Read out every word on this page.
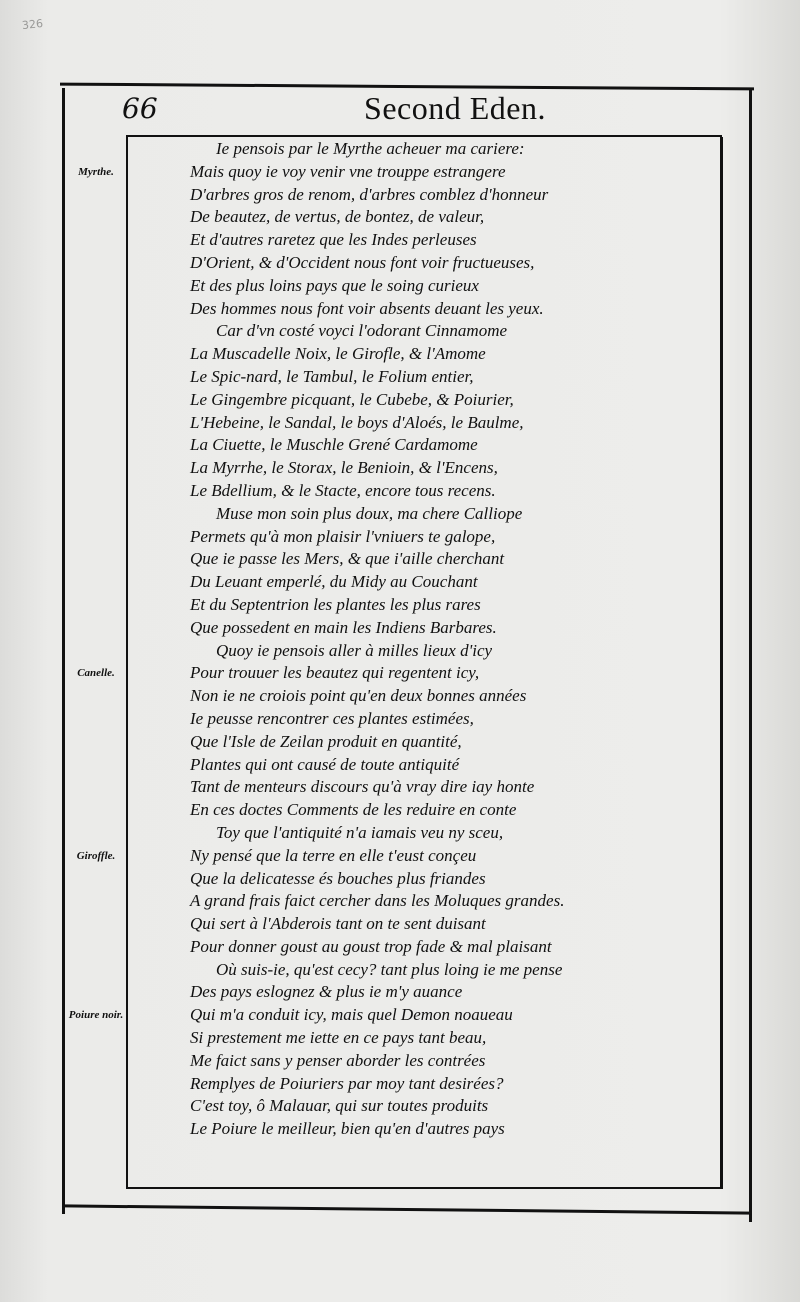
326
66	Second Eden.
Myrthe.
Canelle.
Giroffle.
Poiure noir.
Ie pensois par le Myrthe acheuer ma cariere:
Mais quoy ie voy venir vne trouppe estrangere
D'arbres gros de renom, d'arbres comblez d'honneur
De beautez, de vertus, de bontez, de valeur,
Et d'autres raretez que les Indes perleuses
D'Orient, & d'Occident nous font voir fructueuses,
Et des plus loins pays que le soing curieux
Des hommes nous font voir absents deuant les yeux.
Car d'vn costé voyci l'odorant Cinnamome
La Muscadelle Noix, le Girofle, & l'Amome
Le Spic-nard, le Tambul, le Folium entier,
Le Gingembre picquant, le Cubebe, & Poiurier,
L'Hebeine, le Sandal, le boys d'Aloés, le Baulme,
La Ciuette, le Muschle Grené Cardamome
La Myrrhe, le Storax, le Benioin, & l'Encens,
Le Bdellium, & le Stacte, encore tous recens.
Muse mon soin plus doux, ma chere Calliope
Permets qu'à mon plaisir l'vniuers te galope,
Que ie passe les Mers, & que i'aille cherchant
Du Leuant emperlé, du Midy au Couchant
Et du Septentrion les plantes les plus rares
Que possedent en main les Indiens Barbares.
Quoy ie pensois aller à milles lieux d'icy
Pour trouuer les beautez qui regentent icy,
Non ie ne croiois point qu'en deux bonnes années
Ie peusse rencontrer ces plantes estimées,
Que l'Isle de Zeilan produit en quantité,
Plantes qui ont causé de toute antiquité
Tant de menteurs discours qu'à vray dire iay honte
En ces doctes Comments de les reduire en conte
Toy que l'antiquité n'a iamais veu ny sceu,
Ny pensé que la terre en elle t'eust conçeu
Que la delicatesse és bouches plus friandes
A grand frais faict cercher dans les Moluques grandes.
Qui sert à l'Abderois tant on te sent duisant
Pour donner goust au goust trop fade & mal plaisant
Où suis-ie, qu'est cecy? tant plus loing ie me pense
Des pays eslognez & plus ie m'y auance
Qui m'a conduit icy, mais quel Demon noaueau
Si prestement me iette en ce pays tant beau,
Me faict sans y penser aborder les contrées
Remplyes de Poiuriers par moy tant desirées?
C'est toy, ô Malauar, qui sur toutes produits
Le Poiure le meilleur, bien qu'en d'autres pays
